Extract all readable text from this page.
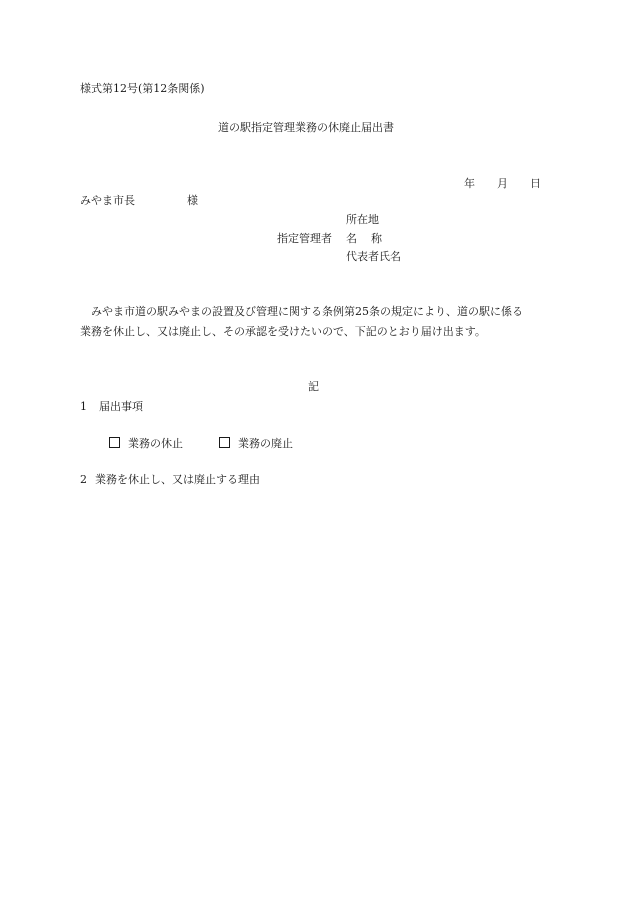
様式第12号(第12条関係)
道の駅指定管理業務の休廃止届出書
年 月 日
みやま市長	様
所在地
指定管理者 名 称
代表者氏名
　みやま市道の駅みやまの設置及び管理に関する条例第25条の規定により、道の駅に係る
業務を休止し、又は廃止し、その承認を受けたいので、下記のとおり届け出ます。
記
1 届出事項
業務の休止	業務の廃止
2 業務を休止し、又は廃止する理由
